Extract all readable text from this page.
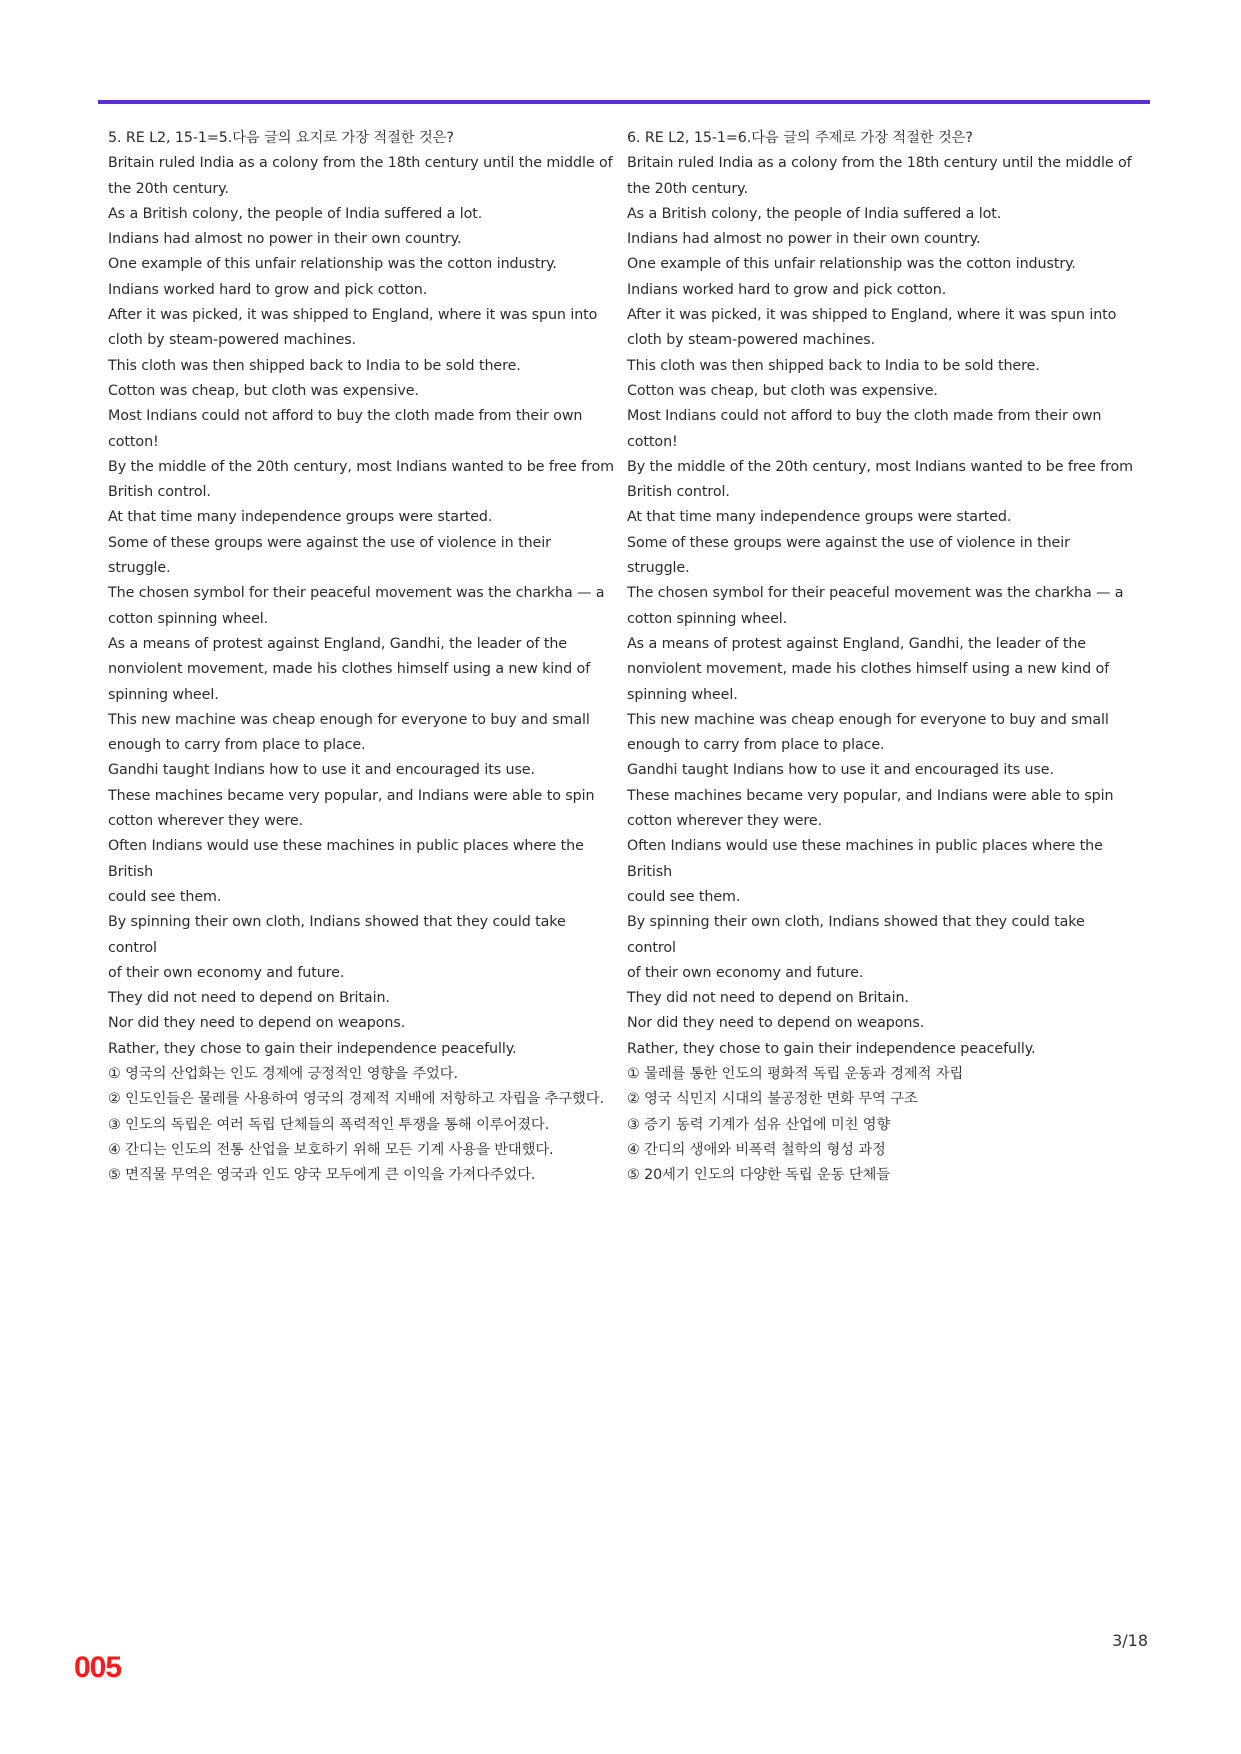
5. RE L2, 15-1=5.다음 글의 요지로 가장 적절한 것은?

Britain ruled India as a colony from the 18th century until the middle of

the 20th century.

As a British colony, the people of India suffered a lot.

Indians had almost no power in their own country.

One example of this unfair relationship was the cotton industry.

Indians worked hard to grow and pick cotton.

After it was picked, it was shipped to England, where it was spun into

cloth by steam-powered machines.

This cloth was then shipped back to India to be sold there.

Cotton was cheap, but cloth was expensive.

Most Indians could not afford to buy the cloth made from their own

cotton!

By the middle of the 20th century, most Indians wanted to be free from

British control.

At that time many independence groups were started.

Some of these groups were against the use of violence in their struggle.

The chosen symbol for their peaceful movement was the charkha — a

cotton spinning wheel.

As a means of protest against England, Gandhi, the leader of the

nonviolent movement, made his clothes himself using a new kind of

spinning wheel.

This new machine was cheap enough for everyone to buy and small

enough to carry from place to place.

Gandhi taught Indians how to use it and encouraged its use.

These machines became very popular, and Indians were able to spin

cotton wherever they were.

Often Indians would use these machines in public places where the British

could see them.

By spinning their own cloth, Indians showed that they could take control

of their own economy and future.

They did not need to depend on Britain.

Nor did they need to depend on weapons.

Rather, they chose to gain their independence peacefully.

① 영국의 산업화는 인도 경제에 긍정적인 영향을 주었다.

② 인도인들은 물레를 사용하여 영국의 경제적 지배에 저항하고 자립을 추구했다.

③ 인도의 독립은 여러 독립 단체들의 폭력적인 투쟁을 통해 이루어졌다.

④ 간디는 인도의 전통 산업을 보호하기 위해 모든 기계 사용을 반대했다.

⑤ 면직물 무역은 영국과 인도 양국 모두에게 큰 이익을 가져다주었다.

6. RE L2, 15-1=6.다음 글의 주제로 가장 적절한 것은?

Britain ruled India as a colony from the 18th century until the middle of

the 20th century.

As a British colony, the people of India suffered a lot.

Indians had almost no power in their own country.

One example of this unfair relationship was the cotton industry.

Indians worked hard to grow and pick cotton.

After it was picked, it was shipped to England, where it was spun into

cloth by steam-powered machines.

This cloth was then shipped back to India to be sold there.

Cotton was cheap, but cloth was expensive.

Most Indians could not afford to buy the cloth made from their own

cotton!

By the middle of the 20th century, most Indians wanted to be free from

British control.

At that time many independence groups were started.

Some of these groups were against the use of violence in their struggle.

The chosen symbol for their peaceful movement was the charkha — a

cotton spinning wheel.

As a means of protest against England, Gandhi, the leader of the

nonviolent movement, made his clothes himself using a new kind of

spinning wheel.

This new machine was cheap enough for everyone to buy and small

enough to carry from place to place.

Gandhi taught Indians how to use it and encouraged its use.

These machines became very popular, and Indians were able to spin

cotton wherever they were.

Often Indians would use these machines in public places where the British

could see them.

By spinning their own cloth, Indians showed that they could take control

of their own economy and future.

They did not need to depend on Britain.

Nor did they need to depend on weapons.

Rather, they chose to gain their independence peacefully.

① 물레를 통한 인도의 평화적 독립 운동과 경제적 자립

② 영국 식민지 시대의 불공정한 면화 무역 구조

③ 증기 동력 기계가 섬유 산업에 미친 영향

④ 간디의 생애와 비폭력 철학의 형성 과정

⑤ 20세기 인도의 다양한 독립 운동 단체들

3/18
005
